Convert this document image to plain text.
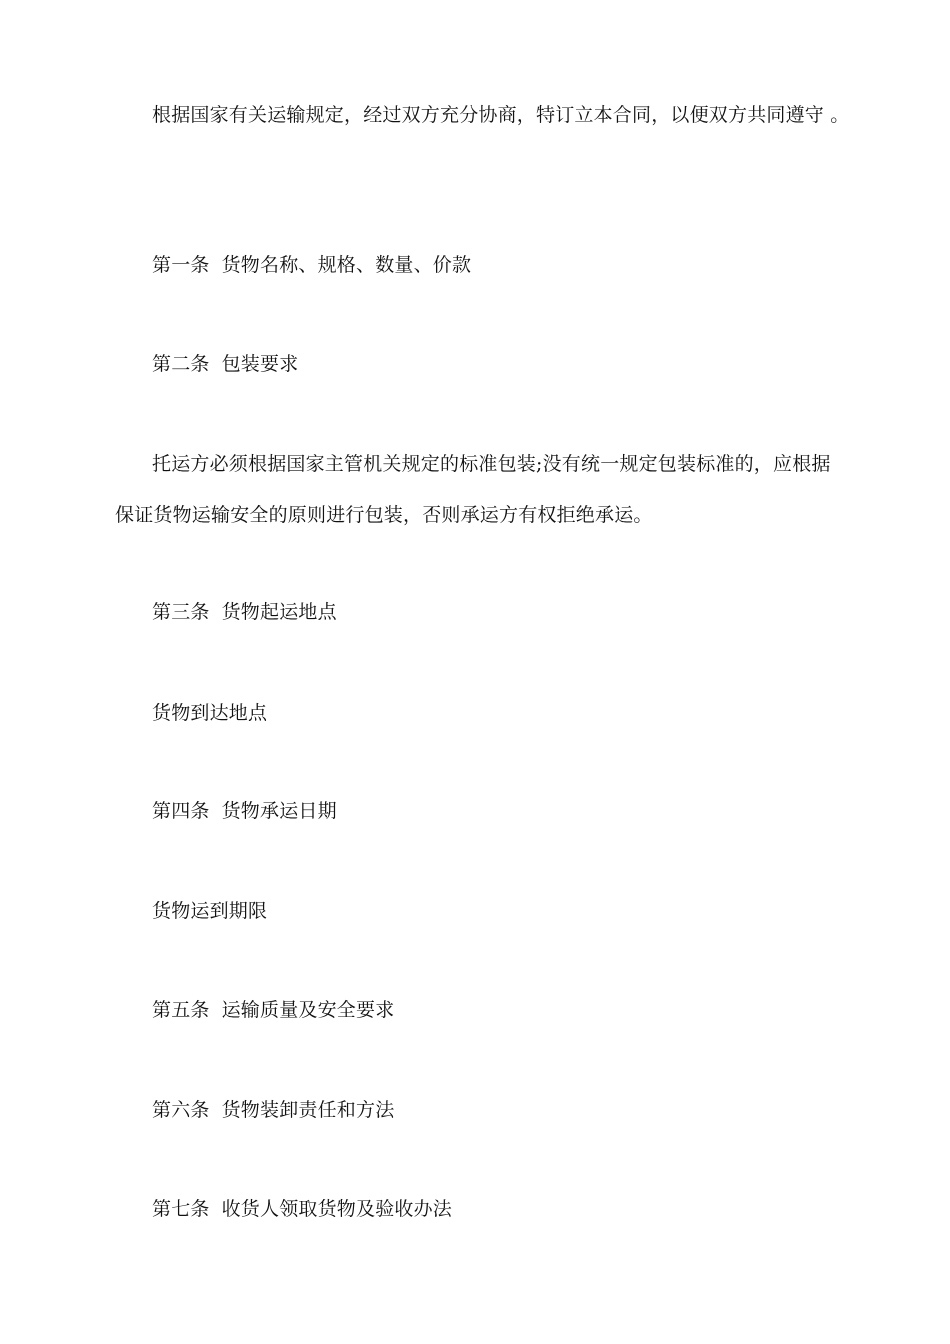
根据国家有关运输规定，经过双方充分协商，特订立本合同，以便双方共同遵守 。
第一条 货物名称、规格、数量、价款
第二条 包装要求
托运方必须根据国家主管机关规定的标准包装;没有统一规定包装标准的，应根据
保证货物运输安全的原则进行包装，否则承运方有权拒绝承运。
第三条 货物起运地点
货物到达地点
第四条 货物承运日期
货物运到期限
第五条 运输质量及安全要求
第六条 货物装卸责任和方法
第七条 收货人领取货物及验收办法
